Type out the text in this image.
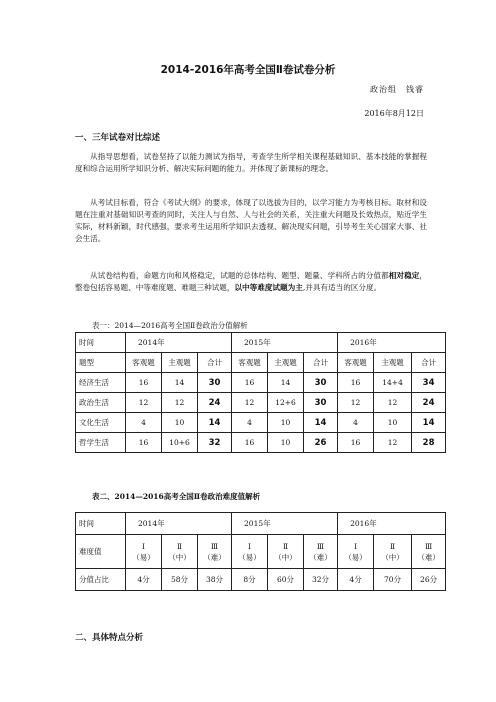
2014-2016年高考全国Ⅱ卷试卷分析
政治组　钱睿
2016年8月12日
一、三年试卷对比综述
从指导思想看，试卷坚持了以能力测试为指导，考查学生所学相关课程基础知识、基本技能的掌握程度和综合运用所学知识分析、解决实际问题的能力。并体现了新课标的理念。
从考试目标看，符合《考试大纲》的要求，体现了以选拔为目的，以学习能力为考核目标。取材和设题在注重对基础知识考查的同时，关注人与自然、人与社会的关系，关注重大问题及长效热点，贴近学生实际，材料新颖，时代感强，要求考生运用所学知识去透视、解决现实问题，引导考生关心国家大事、社会生活。
从试卷结构看，命题方向和风格稳定，试题的总体结构、题型、题量、学科所占的分值都相对稳定，整卷包括容易题、中等难度题、难题三种试题，以中等难度试题为主,并具有适当的区分度。
表一：2014—2016高考全国Ⅱ卷政治分值解析
时间	2014年			2015年			2016年		
题型	客观题	主观题	合计	客观题	主观题	合计	客观题	主观题	合计
经济生活	16	14	30	16	14	30	16	14+4	34
政治生活	12	12	24	12	12+6	30	12	12	24
文化生活	4	10	14	4	10	14	4	10	14
哲学生活	16	10+6	32	16	10	26	16	12	28
表二、2014—2016高考全国Ⅱ卷政治难度值解析
时间	2014年			2015年			2016年		
难度值	Ⅰ
（易）	Ⅱ
（中）	Ⅲ
（难）	Ⅰ
（易）	Ⅱ
（中）	Ⅲ
（难）	Ⅰ
（易）	Ⅱ
（中）	Ⅲ
（难）

分值占比	4分	58分	38分	8分	60分	32分	4分	70分	26分
二、具体特点分析
